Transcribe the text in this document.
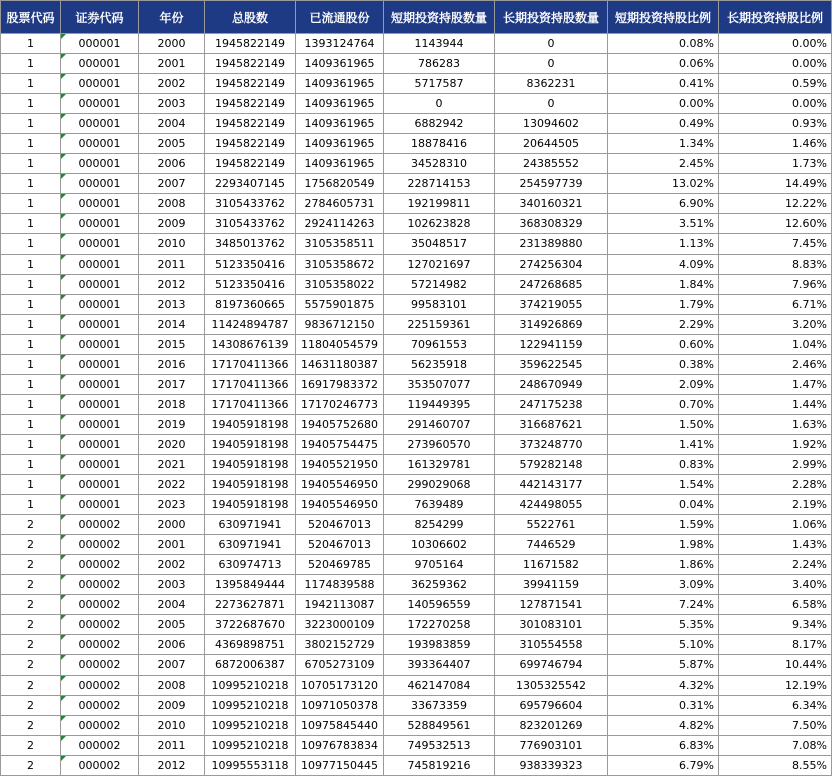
股票代码	证券代码	年份	总股数	已流通股份	短期投资持股数量	长期投资持股数量	短期投资持股比例	长期投资持股比例
1	000001	2000	1945822149	1393124764	1143944	0	0.08%	0.00%
1	000001	2001	1945822149	1409361965	786283	0	0.06%	0.00%
1	000001	2002	1945822149	1409361965	5717587	8362231	0.41%	0.59%
1	000001	2003	1945822149	1409361965	0	0	0.00%	0.00%
1	000001	2004	1945822149	1409361965	6882942	13094602	0.49%	0.93%
1	000001	2005	1945822149	1409361965	18878416	20644505	1.34%	1.46%
1	000001	2006	1945822149	1409361965	34528310	24385552	2.45%	1.73%
1	000001	2007	2293407145	1756820549	228714153	254597739	13.02%	14.49%
1	000001	2008	3105433762	2784605731	192199811	340160321	6.90%	12.22%
1	000001	2009	3105433762	2924114263	102623828	368308329	3.51%	12.60%
1	000001	2010	3485013762	3105358511	35048517	231389880	1.13%	7.45%
1	000001	2011	5123350416	3105358672	127021697	274256304	4.09%	8.83%
1	000001	2012	5123350416	3105358022	57214982	247268685	1.84%	7.96%
1	000001	2013	8197360665	5575901875	99583101	374219055	1.79%	6.71%
1	000001	2014	11424894787	9836712150	225159361	314926869	2.29%	3.20%
1	000001	2015	14308676139	11804054579	70961553	122941159	0.60%	1.04%
1	000001	2016	17170411366	14631180387	56235918	359622545	0.38%	2.46%
1	000001	2017	17170411366	16917983372	353507077	248670949	2.09%	1.47%
1	000001	2018	17170411366	17170246773	119449395	247175238	0.70%	1.44%
1	000001	2019	19405918198	19405752680	291460707	316687621	1.50%	1.63%
1	000001	2020	19405918198	19405754475	273960570	373248770	1.41%	1.92%
1	000001	2021	19405918198	19405521950	161329781	579282148	0.83%	2.99%
1	000001	2022	19405918198	19405546950	299029068	442143177	1.54%	2.28%
1	000001	2023	19405918198	19405546950	7639489	424498055	0.04%	2.19%
2	000002	2000	630971941	520467013	8254299	5522761	1.59%	1.06%
2	000002	2001	630971941	520467013	10306602	7446529	1.98%	1.43%
2	000002	2002	630974713	520469785	9705164	11671582	1.86%	2.24%
2	000002	2003	1395849444	1174839588	36259362	39941159	3.09%	3.40%
2	000002	2004	2273627871	1942113087	140596559	127871541	7.24%	6.58%
2	000002	2005	3722687670	3223000109	172270258	301083101	5.35%	9.34%
2	000002	2006	4369898751	3802152729	193983859	310554558	5.10%	8.17%
2	000002	2007	6872006387	6705273109	393364407	699746794	5.87%	10.44%
2	000002	2008	10995210218	10705173120	462147084	1305325542	4.32%	12.19%
2	000002	2009	10995210218	10971050378	33673359	695796604	0.31%	6.34%
2	000002	2010	10995210218	10975845440	528849561	823201269	4.82%	7.50%
2	000002	2011	10995210218	10976783834	749532513	776903101	6.83%	7.08%
2	000002	2012	10995553118	10977150445	745819216	938339323	6.79%	8.55%
